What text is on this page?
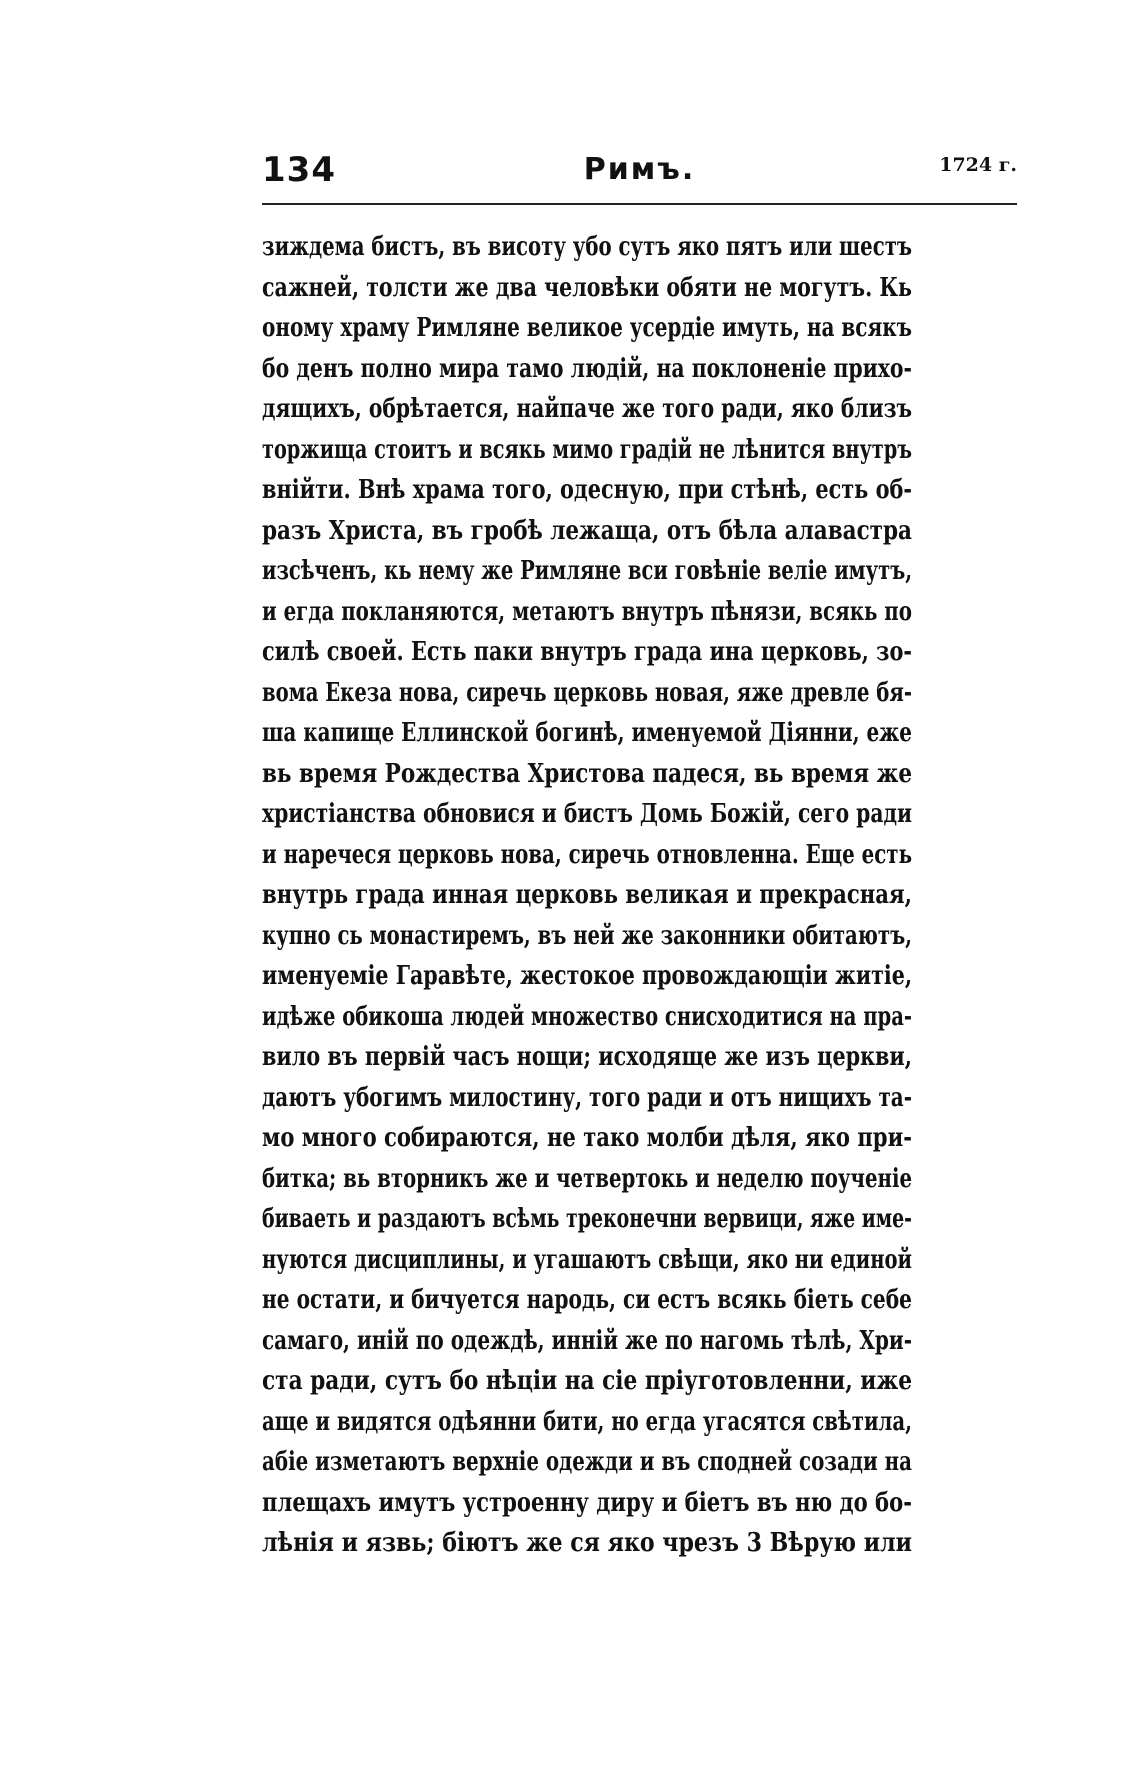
134	Римъ.	1724 г.
зиждема бистъ, въ висоту убо сутъ яко пятъ или шестъ
сажней, толсти же два человѣки обяти не могутъ. Кь
оному храму Римляне великое усердіе имуть, на всякъ
бо денъ полно мира тамо людій, на поклоненіе прихо-
дящихъ, обрѣтается, найпаче же того ради, яко близъ
торжища стоитъ и всякь мимо градій не лѣнится внутръ
внійти. Внѣ храма того, одесную, при стѣнѣ, есть об-
разъ Христа, въ гробѣ лежаща, отъ бѣла алавастра
изсѣченъ, кь нему же Римляне вси говѣніе веліе имутъ,
и егда покланяются, метаютъ внутръ пѣнязи, всякь по
силѣ своей. Есть паки внутръ града ина церковь, зо-
вома Екеза нова, сиречь церковь новая, яже древле бя-
ша капище Еллинской богинѣ, именуемой Діянни, еже
вь время Рождества Христова падеся, вь время же
христіанства обновися и бистъ Домь Божій, сего ради
и наречеся церковь нова, сиречь отновленна. Еще есть
внутрь града инная церковь великая и прекрасная,
купно сь монастиремъ, въ ней же законники обитаютъ,
именуеміе Гаравѣте, жестокое провождающіи житіе,
идѣже обикоша людей множество снисходитися на пра-
вило въ первій часъ нощи; исходяще же изъ церкви,
даютъ убогимъ милостину, того ради и отъ нищихъ та-
мо много собираются, не тако молби дѣля, яко при-
битка; вь вторникъ же и четвертокь и неделю поученіе
биваеть и раздаютъ всѣмь треконечни вервици, яже име-
нуются дисциплины, и угашаютъ свѣщи, яко ни единой
не остати, и бичуется народь, си естъ всякь біеть себе
самаго, иній по одеждѣ, инній же по нагомь тѣлѣ, Хри-
ста ради, сутъ бо нѣціи на сіе пріуготовленни, иже
аще и видятся одѣянни бити, но егда угасятся свѣтила,
абіе изметаютъ верхніе одежди и въ сподней созади на
плещахъ имутъ устроенну диру и біетъ въ ню до бо-
лѣнія и язвь; біютъ же ся яко чрезъ 3 Вѣрую или
